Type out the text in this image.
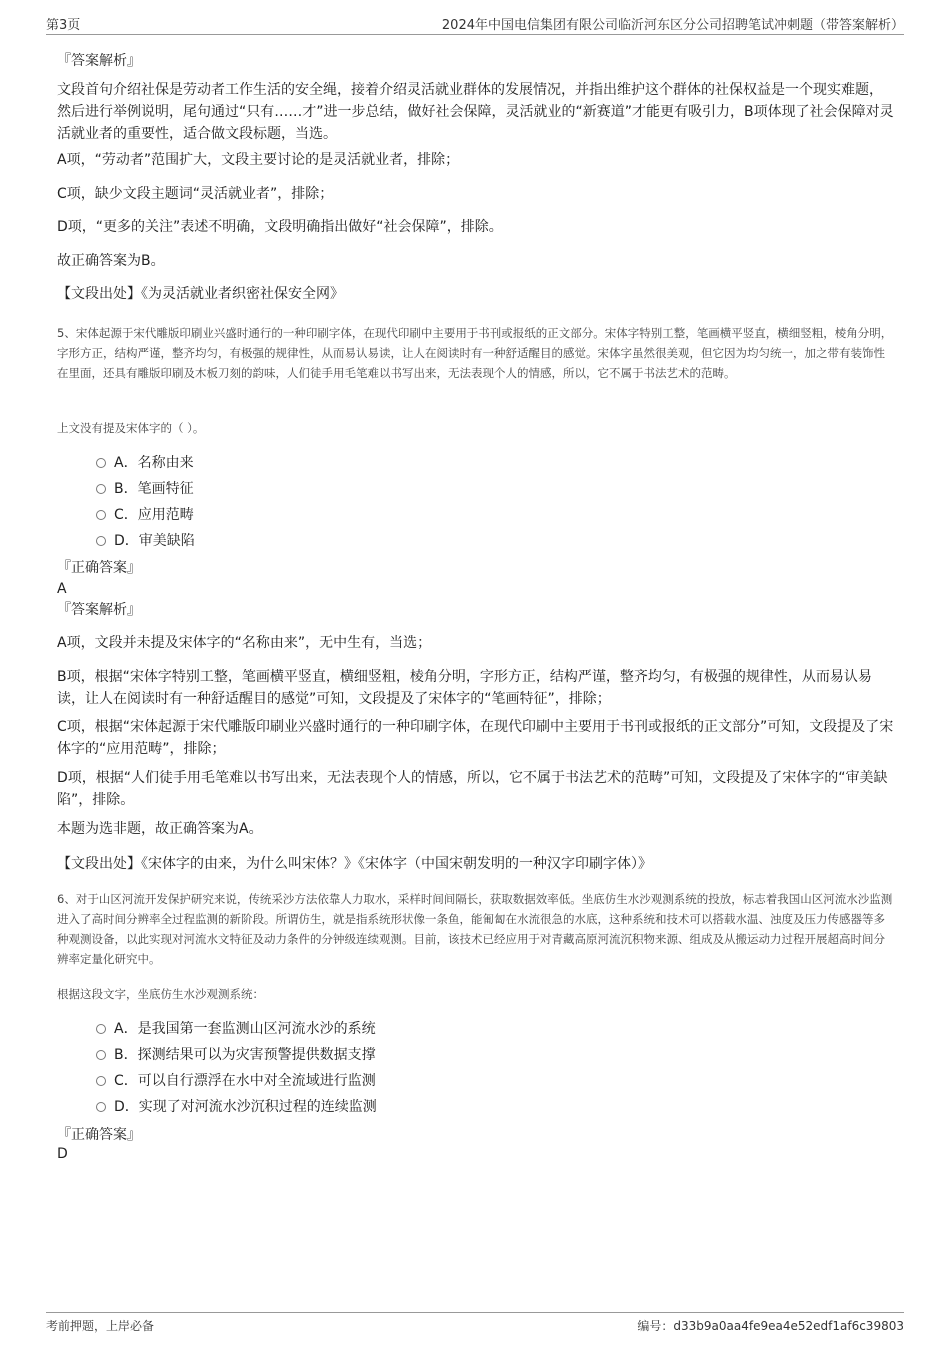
第3页	2024年中国电信集团有限公司临沂河东区分公司招聘笔试冲刺题（带答案解析）
『答案解析』
文段首句介绍社保是劳动者工作生活的安全绳，接着介绍灵活就业群体的发展情况，并指出维护这个群体的社保权益是一个现实难题，然后进行举例说明，尾句通过“只有……才”进一步总结，做好社会保障，灵活就业的“新赛道”才能更有吸引力，B项体现了社会保障对灵活就业者的重要性，适合做文段标题，当选。
A项，“劳动者”范围扩大，文段主要讨论的是灵活就业者，排除；
C项，缺少文段主题词“灵活就业者”，排除；
D项，“更多的关注”表述不明确，文段明确指出做好“社会保障”，排除。
故正确答案为B。
【文段出处】《为灵活就业者织密社保安全网》
5、宋体起源于宋代雕版印刷业兴盛时通行的一种印刷字体，在现代印刷中主要用于书刊或报纸的正文部分。宋体字特别工整，笔画横平竖直，横细竖粗，棱角分明，字形方正，结构严谨，整齐均匀，有极强的规律性，从而易认易读，让人在阅读时有一种舒适醒目的感觉。宋体字虽然很美观，但它因为均匀统一，加之带有装饰性在里面，还具有雕版印刷及木板刀刻的韵味，人们徒手用毛笔难以书写出来，无法表现个人的情感，所以，它不属于书法艺术的范畴。
上文没有提及宋体字的（ ）。
A．名称由来
B．笔画特征
C．应用范畴
D．审美缺陷
『正确答案』
A
『答案解析』
A项，文段并未提及宋体字的“名称由来”，无中生有，当选；
B项，根据“宋体字特别工整，笔画横平竖直，横细竖粗，棱角分明，字形方正，结构严谨，整齐均匀，有极强的规律性，从而易认易读，让人在阅读时有一种舒适醒目的感觉”可知，文段提及了宋体字的“笔画特征”，排除；
C项，根据“宋体起源于宋代雕版印刷业兴盛时通行的一种印刷字体，在现代印刷中主要用于书刊或报纸的正文部分”可知，文段提及了宋体字的“应用范畴”，排除；
D项，根据“人们徒手用毛笔难以书写出来，无法表现个人的情感，所以，它不属于书法艺术的范畴”可知，文段提及了宋体字的“审美缺陷”，排除。
本题为选非题，故正确答案为A。
【文段出处】《宋体字的由来，为什么叫宋体？》《宋体字（中国宋朝发明的一种汉字印刷字体）》
6、对于山区河流开发保护研究来说，传统采沙方法依靠人力取水，采样时间间隔长，获取数据效率低。坐底仿生水沙观测系统的投放，标志着我国山区河流水沙监测进入了高时间分辨率全过程监测的新阶段。所谓仿生，就是指系统形状像一条鱼，能匍匐在水流很急的水底，这种系统和技术可以搭载水温、浊度及压力传感器等多种观测设备，以此实现对河流水文特征及动力条件的分钟级连续观测。目前，该技术已经应用于对青藏高原河流沉积物来源、组成及从搬运动力过程开展超高时间分辨率定量化研究中。
根据这段文字，坐底仿生水沙观测系统：
A．是我国第一套监测山区河流水沙的系统
B．探测结果可以为灾害预警提供数据支撑
C．可以自行漂浮在水中对全流域进行监测
D．实现了对河流水沙沉积过程的连续监测
『正确答案』
D
考前押题，上岸必备	编号：d33b9a0aa4fe9ea4e52edf1af6c39803
